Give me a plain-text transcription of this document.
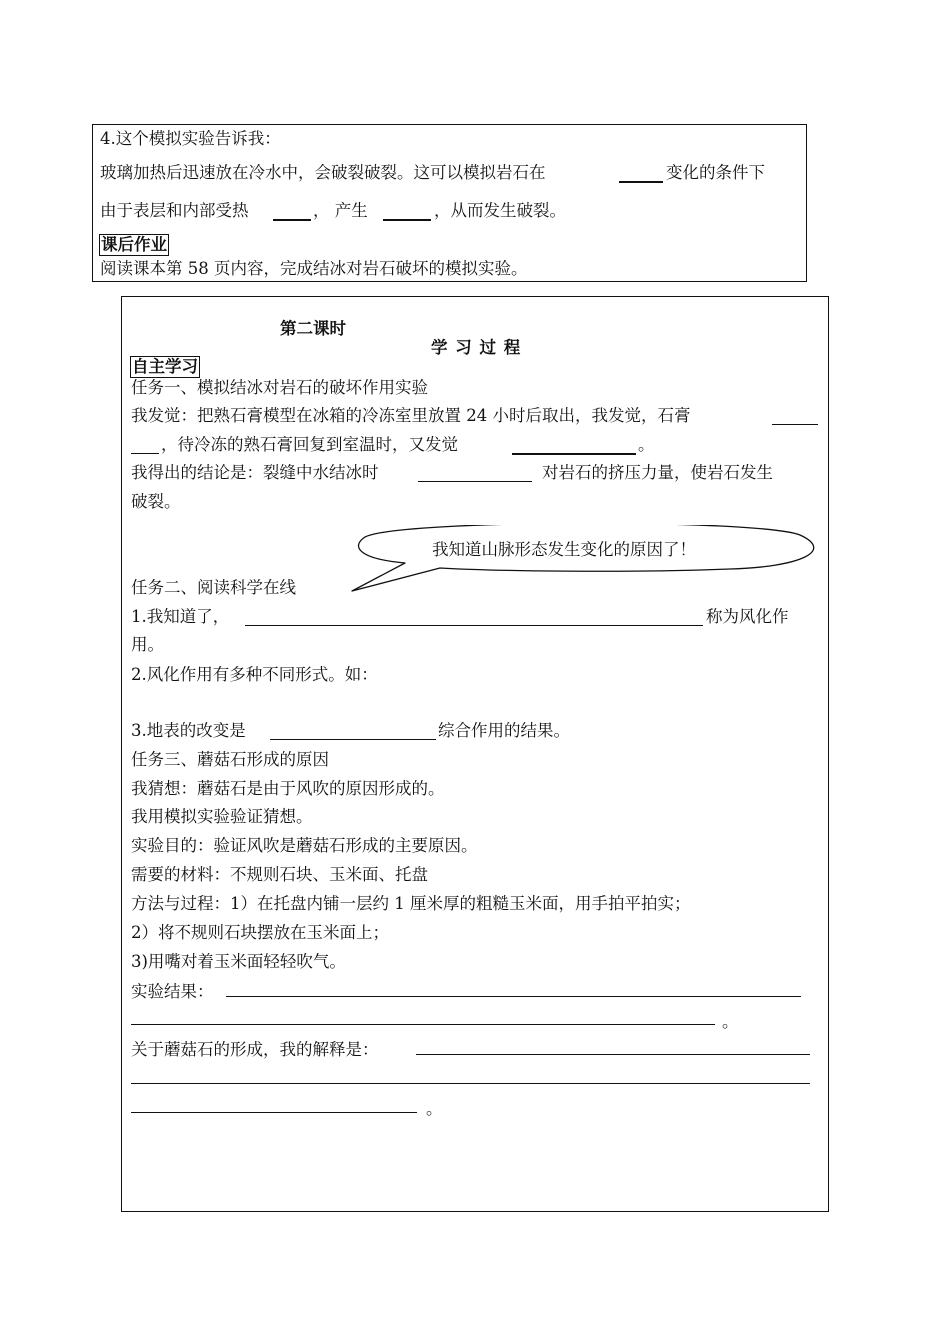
4.这个模拟实验告诉我：
玻璃加热后迅速放在冷水中，会破裂破裂。这可以模拟岩石在	变化的条件下
由于表层和内部受热	， 产生	，从而发生破裂。
课后作业
阅读课本第 58 页内容，完成结冰对岩石破坏的模拟实验。
第二课时
学 习 过 程
自主学习
任务一、模拟结冰对岩石的破坏作用实验
我发觉：把熟石膏模型在冰箱的冷冻室里放置 24 小时后取出，我发觉，石膏
，待冷冻的熟石膏回复到室温时，又发觉	。
我得出的结论是：裂缝中水结冰时	对岩石的挤压力量，使岩石发生
破裂。
我知道山脉形态发生变化的原因了！
任务二、阅读科学在线
1.我知道了，	称为风化作
用。
2.风化作用有多种不同形式。如：
3.地表的改变是	综合作用的结果。
任务三、蘑菇石形成的原因
我猜想：蘑菇石是由于风吹的原因形成的。
我用模拟实验验证猜想。
实验目的：验证风吹是蘑菇石形成的主要原因。
需要的材料：不规则石块、玉米面、托盘
方法与过程：1）在托盘内铺一层约 1 厘米厚的粗糙玉米面，用手拍平拍实；
2）将不规则石块摆放在玉米面上；
3)用嘴对着玉米面轻轻吹气。
实验结果：
。
关于蘑菇石的形成，我的解释是：
。
